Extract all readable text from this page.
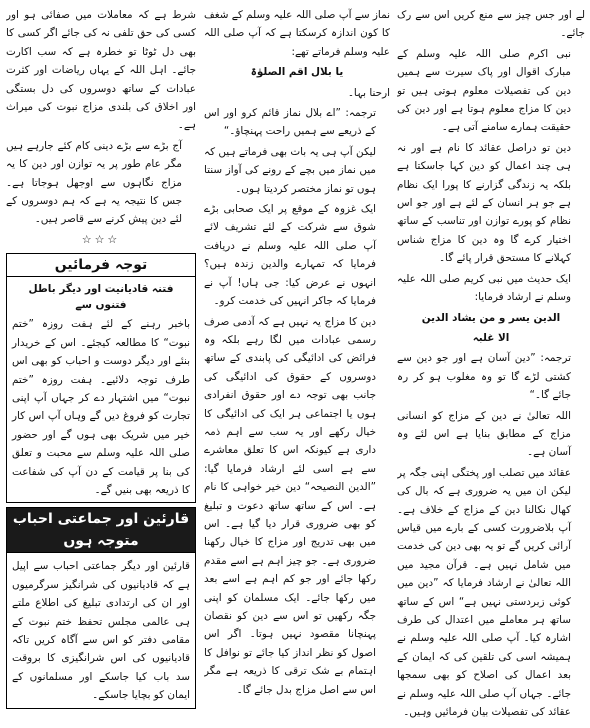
لے اور جس چیز سے منع کریں اس سے رک جائے۔

نبی اکرم صلی اللہ علیہ وسلم کے مبارک اقوال اور پاک سیرت سے ہمیں دین کی تفصیلات معلوم ہوتی ہیں تو دین کا مزاج معلوم ہوتا ہے اور دین کی حقیقت ہمارے سامنے آتی ہے۔

دین تو دراصل عقائد کا نام ہے اور نہ ہی چند اعمال کو دین کہا جاسکتا ہے بلکہ یہ زندگی گزارنے کا پورا ایک نظام ہے جو ہر انسان کے لئے ہے اور جو اس نظام کو پورے توازن اور تناسب کے ساتھ اختیار کرے گا وہ دین کا مزاج شناس کہلانے کا مستحق قرار پائے گا۔

ایک حدیث میں نبی کریم صلی اللہ علیہ وسلم نے ارشاد فرمایا:

الدین یسر و من یشاد الدین

الا غلبہ

ترجمہ: ”دین آسان ہے اور جو دین سے کشتی لڑے گا تو وہ مغلوب ہو کر رہ جائے گا۔“

اللہ تعالیٰ نے دین کے مزاج کو انسانی مزاج کے مطابق بنایا ہے اس لئے وہ آسان ہے۔

عقائد میں تصلب اور پختگی اپنی جگہ پر لیکن ان میں یہ ضروری ہے کہ بال کی کھال نکالنا دین کے مزاج کے خلاف ہے۔ آپ بلاضرورت کسی کے بارے میں قیاس آرائی کریں گے تو یہ بھی دین کی خدمت میں شامل نہیں ہے۔ قرآن مجید میں اللہ تعالیٰ نے ارشاد فرمایا کہ ”دین میں کوئی زبردستی نہیں ہے“ اس کے ساتھ ساتھ ہر معاملے میں اعتدال کی طرف اشارہ کیا۔ آپ صلی اللہ علیہ وسلم نے ہمیشہ اسی کی تلقین کی کہ ایمان کے بعد اعمال کی اصلاح کو بھی سمجھا جائے۔ جہاں آپ صلی اللہ علیہ وسلم نے عقائد کی تفصیلات بیان فرمائیں وہیں۔

نماز سے آپ صلی اللہ علیہ وسلم کے شغف کا کون اندازہ کرسکتا ہے کہ آپ صلی اللہ علیہ وسلم فرماتے تھے:

یا بلال اقم الصلوٰۃ

ارحنا بہا۔

ترجمہ: ”اے بلال نماز قائم کرو اور اس کے ذریعے سے ہمیں راحت پہنچاؤ۔“

لیکن آپ ہی یہ بات بھی فرماتے ہیں کہ میں نماز میں بچے کے رونے کی آواز سنتا ہوں تو نماز مختصر کردیتا ہوں۔

ایک غزوہ کے موقع پر ایک صحابی بڑے شوق سے شرکت کے لئے تشریف لائے آپ صلی اللہ علیہ وسلم نے دریافت فرمایا کہ تمہارے والدین زندہ ہیں؟ انہوں نے عرض کیا: جی ہاں! آپ نے فرمایا کہ جاکر انہیں کی خدمت کرو۔

دین کا مزاج یہ نہیں ہے کہ آدمی صرف رسمی عبادات میں لگا رہے بلکہ وہ فرائض کی ادائیگی کی پابندی کے ساتھ دوسروں کے حقوق کی ادائیگی کی جانب بھی توجہ دے اور حقوق انفرادی ہوں یا اجتماعی ہر ایک کی ادائیگی کا خیال رکھے اور یہ سب سے اہم ذمہ داری ہے کیونکہ اس کا تعلق معاشرے سے ہے اسی لئے ارشاد فرمایا گیا: ”الدین النصیحہ“ دین خیر خواہی کا نام ہے۔ اس کے ساتھ ساتھ دعوت و تبلیغ کو بھی ضروری قرار دیا گیا ہے۔ اس میں بھی تدریج اور مزاج کا خیال رکھنا ضروری ہے۔ جو چیز اہم ہے اسے مقدم رکھا جائے اور جو کم اہم ہے اسے بعد میں رکھا جائے۔ ایک مسلمان کو اپنی جگہ رکھیں تو اس سے دین کو نقصان پہنچانا مقصود نہیں ہوتا۔ اگر اس اصول کو نظر انداز کیا جائے تو نوافل کا اہتمام بے شک ترقی کا ذریعہ ہے مگر اس سے اصل مزاج بدل جائے گا۔

شرط ہے کہ معاملات میں صفائی ہو اور کسی کی حق تلفی نہ کی جائے اگر کسی کا بھی دل ٹوٹا تو خطرہ ہے کہ سب اکارت جائے۔ اہل اللہ کے یہاں ریاضات اور کثرت عبادات کے ساتھ دوسروں کی دل بستگی اور اخلاق کی بلندی مزاج نبوت کی میراث ہے۔

آج بڑے سے بڑے دینی کام کئے جارہے ہیں مگر عام طور پر یہ توازن اور دین کا یہ مزاج نگاہوں سے اوجھل ہوجاتا ہے۔ جس کا نتیجہ یہ ہے کہ ہم دوسروں کے لئے دین پیش کرنے سے قاصر ہیں۔

☆☆☆

توجہ فرمائیں
فتنہ قادیانیت اور دیگر باطل فتنوں سے

باخبر رہنے کے لئے ہفت روزہ ”ختم نبوت“ کا مطالعہ کیجئے۔ اس کے خریدار بنئے اور دیگر دوست و احباب کو بھی اس طرف توجہ دلائیے۔ ہفت روزہ ”ختم نبوت“ میں اشتہار دے کر جہاں آپ اپنی تجارت کو فروغ دیں گے وہاں آپ اس کار خیر میں شریک بھی ہوں گے اور حضور صلی اللہ علیہ وسلم سے محبت و تعلق کی بنا پر قیامت کے دن آپ کی شفاعت کا ذریعہ بھی بنیں گے۔

قارئین اور جماعتی احباب متوجہ ہوں

قارئین اور دیگر جماعتی احباب سے اپیل ہے کہ قادیانیوں کی شرانگیز سرگرمیوں اور ان کی ارتدادی تبلیغ کی اطلاع ملتے ہی عالمی مجلس تحفظ ختم نبوت کے مقامی دفتر کو اس سے آگاہ کریں تاکہ قادیانیوں کی اس شرانگیزی کا بروقت سد باب کیا جاسکے اور مسلمانوں کے ایمان کو بچایا جاسکے۔
